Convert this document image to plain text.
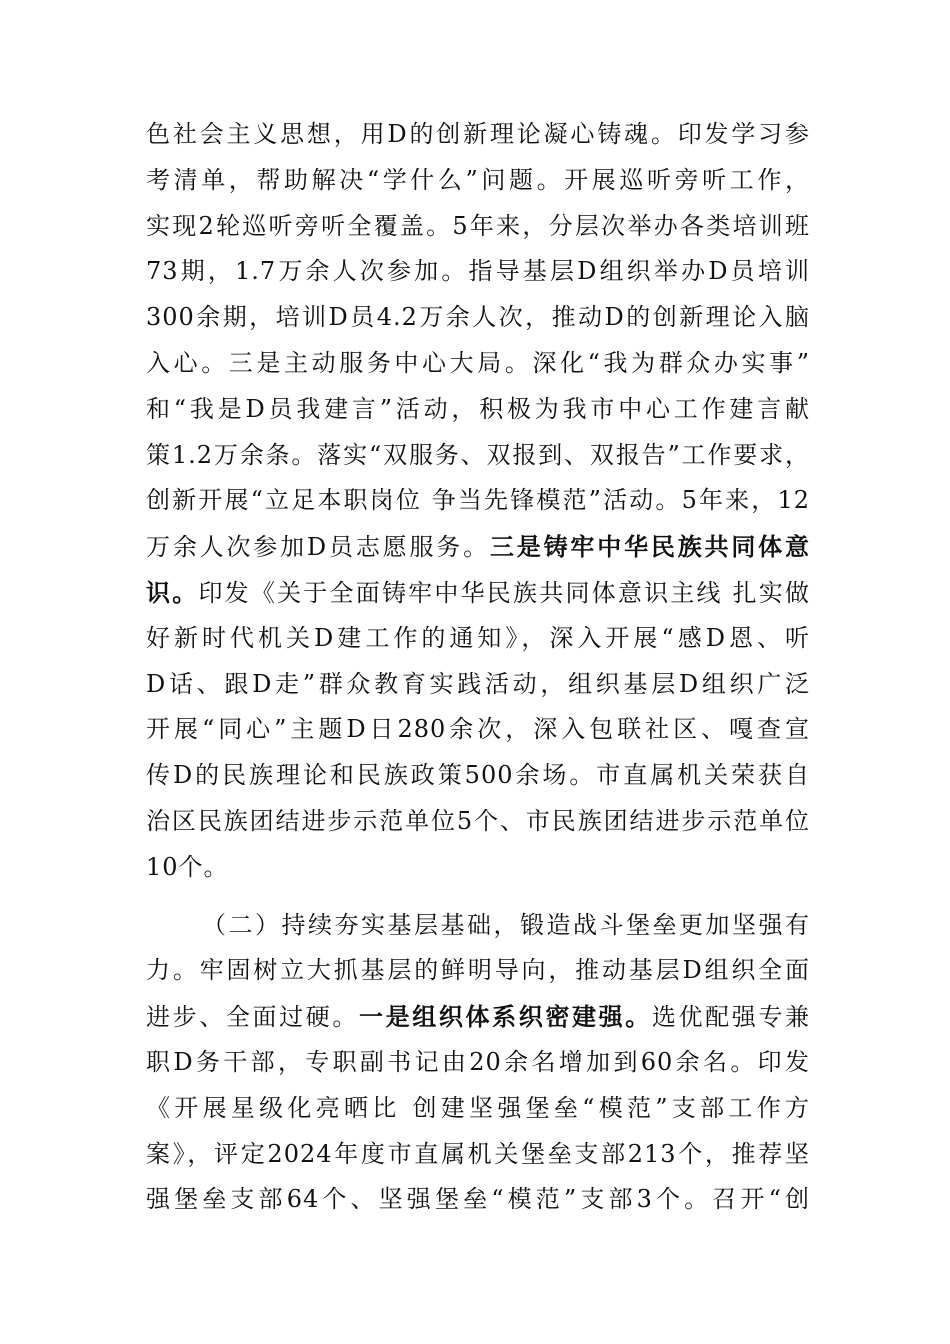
色社会主义思想，用D的创新理论凝心铸魂。印发学习参
考清单，帮助解决“学什么”问题。开展巡听旁听工作，
实现2轮巡听旁听全覆盖。5年来，分层次举办各类培训班
73期，1.7万余人次参加。指导基层D组织举办D员培训
300余期，培训D员4.2万余人次，推动D的创新理论入脑
入心。三是主动服务中心大局。深化“我为群众办实事”
和“我是D员我建言”活动，积极为我市中心工作建言献
策1.2万余条。落实“双服务、双报到、双报告”工作要求，
创新开展“立足本职岗位 争当先锋模范”活动。5年来，12
万余人次参加D员志愿服务。三是铸牢中华民族共同体意
识。印发《关于全面铸牢中华民族共同体意识主线 扎实做
好新时代机关D建工作的通知》，深入开展“感D恩、听
D话、跟D走”群众教育实践活动，组织基层D组织广泛
开展“同心”主题D日280余次，深入包联社区、嘎查宣
传D的民族理论和民族政策500余场。市直属机关荣获自
治区民族团结进步示范单位5个、市民族团结进步示范单位
10个。
（二）持续夯实基层基础，锻造战斗堡垒更加坚强有
力。牢固树立大抓基层的鲜明导向，推动基层D组织全面
进步、全面过硬。一是组织体系织密建强。选优配强专兼
职D务干部，专职副书记由20余名增加到60余名。印发
《开展星级化亮晒比 创建坚强堡垒“模范”支部工作方
案》，评定2024年度市直属机关堡垒支部213个，推荐坚
强堡垒支部64个、坚强堡垒“模范”支部3个。召开“创
